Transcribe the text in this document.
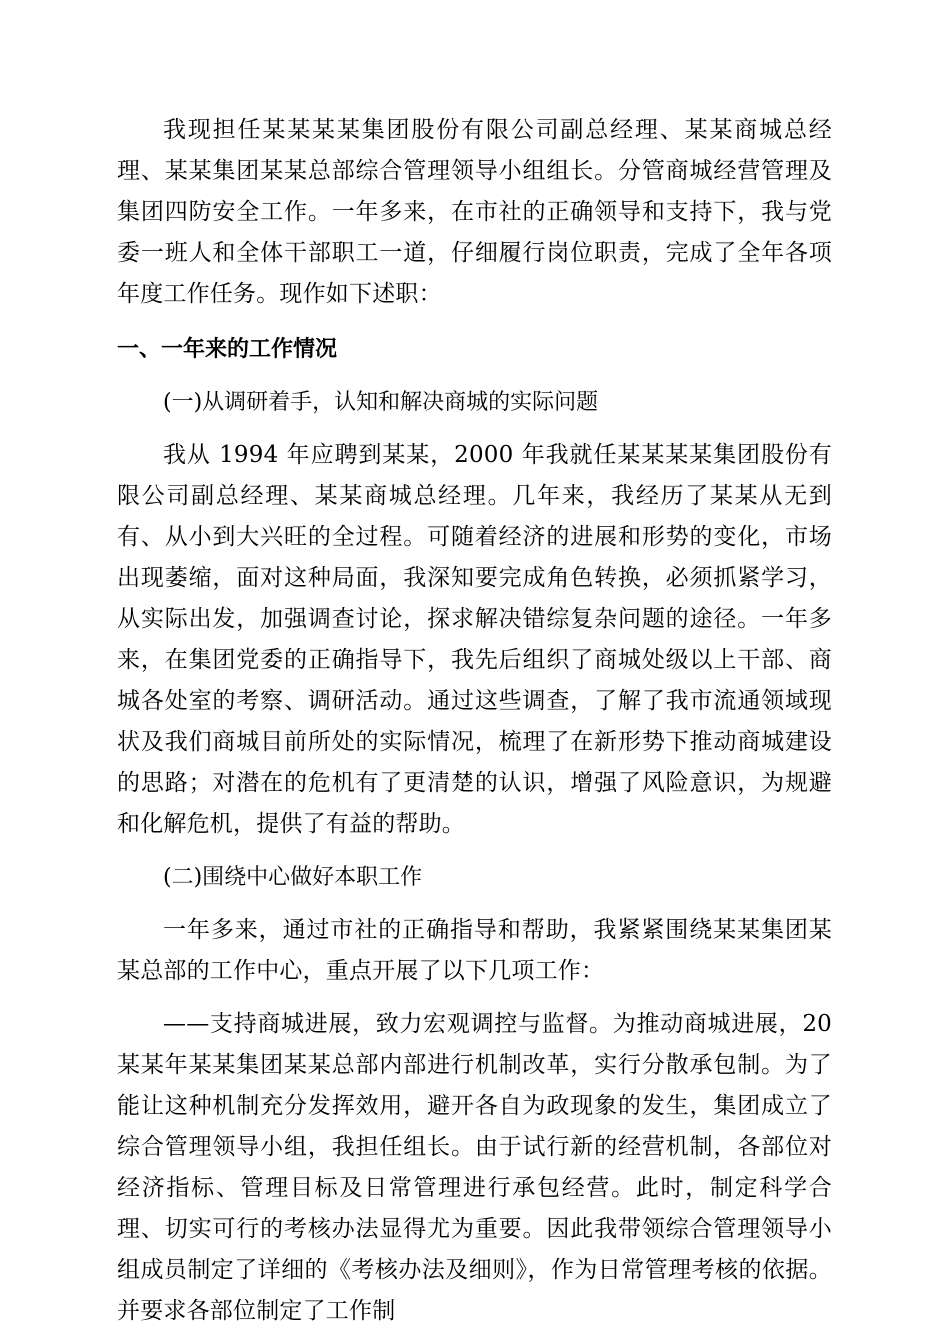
我现担任某某某某集团股份有限公司副总经理、某某商城总经理、某某集团某某总部综合管理领导小组组长。分管商城经营管理及集团四防安全工作。一年多来，在市社的正确领导和支持下，我与党委一班人和全体干部职工一道，仔细履行岗位职责，完成了全年各项年度工作任务。现作如下述职：

一、一年来的工作情况

(一)从调研着手，认知和解决商城的实际问题

我从 1994 年应聘到某某，2000 年我就任某某某某集团股份有限公司副总经理、某某商城总经理。几年来，我经历了某某从无到有、从小到大兴旺的全过程。可随着经济的进展和形势的变化，市场出现萎缩，面对这种局面，我深知要完成角色转换，必须抓紧学习，从实际出发，加强调查讨论，探求解决错综复杂问题的途径。一年多来，在集团党委的正确指导下，我先后组织了商城处级以上干部、商城各处室的考察、调研活动。通过这些调查，了解了我市流通领域现状及我们商城目前所处的实际情况，梳理了在新形势下推动商城建设的思路；对潜在的危机有了更清楚的认识，增强了风险意识，为规避和化解危机，提供了有益的帮助。

(二)围绕中心做好本职工作

一年多来，通过市社的正确指导和帮助，我紧紧围绕某某集团某某总部的工作中心，重点开展了以下几项工作：

——支持商城进展，致力宏观调控与监督。为推动商城进展，20 某某年某某集团某某总部内部进行机制改革，实行分散承包制。为了能让这种机制充分发挥效用，避开各自为政现象的发生，集团成立了综合管理领导小组，我担任组长。由于试行新的经营机制，各部位对经济指标、管理目标及日常管理进行承包经营。此时，制定科学合理、切实可行的考核办法显得尤为重要。因此我带领综合管理领导小组成员制定了详细的《考核办法及细则》，作为日常管理考核的依据。并要求各部位制定了工作制
